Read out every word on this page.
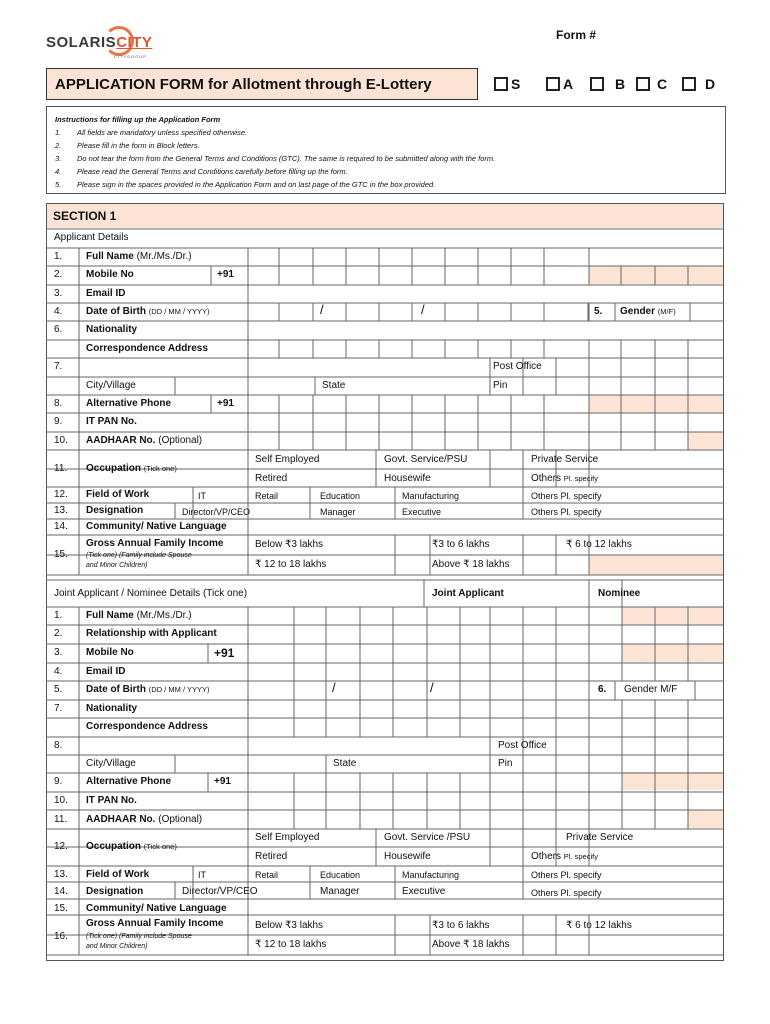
SOLARISCITY
CITYGROUP
Form #
APPLICATION FORM for Allotment through E-Lottery	S	A	B C	D
Instructions for filling up the Application Form
1.	All fields are mandatory unless specified otherwise.
2.	Please fill in the form in Block letters.
3.	Do not tear the form from the General Terms and Conditions (GTC). The same is required to be submitted along with the form.
4.	Please read the General Terms and Conditions carefully before filling up the form.
5.	Please sign in the spaces provided in the Application Form and on last page of the GTC in the box provided.
SECTION 1
Applicant Details
1. Full Name (Mr./Ms./Dr.)
2. Mobile No	+91
3. Email ID
4. Date of Birth (DD / MM / YYYY)	/	/	5. Gender (M/F)
6. Nationality
Correspondence Address
7.	Post Office
City/Village	State	Pin
8. Alternative Phone	+91
9. IT PAN No.
10. AADHAAR No. (Optional)
11. Occupation (Tick one)
Self Employed	Govt. Service/PSU	Private Service
Retired	Housewife	Others Pl. specify
12. Field of Work	IT	Retail	Education	Manufacturing	Others Pl. specify
13. Designation	Director/VP/CEO	Manager	Executive	Others Pl. specify
14. Community/ Native Language
15.
Gross Annual Family Income
(Tick one) (Family include Spouse
and Minor Children)
Below ₹3 lakhs	₹3 to 6 lakhs	₹ 6 to 12 lakhs
₹ 12 to 18 lakhs	Above ₹ 18 lakhs
Joint Applicant / Nominee Details (Tick one)	Joint Applicant	Nominee
1. Full Name (Mr./Ms./Dr.)
2. Relationship with Applicant
3. Mobile No	+91
4. Email ID
5. Date of Birth (DD / MM / YYYY)	/	/	6. Gender M/F
7. Nationality
Correspondence Address
8.	Post Office
City/Village	State	Pin
9. Alternative Phone	+91
10. IT PAN No.
11. AADHAAR No. (Optional)
12. Occupation (Tick one)
Self Employed	Govt. Service /PSU	Private Service
Retired	Housewife	Others Pl. specify
13. Field of Work	IT	Retail	Education	Manufacturing	Others Pl. specify
14. Designation	Director/VP/CEO	Manager	Executive	Others Pl. specify
15. Community/ Native Language
16.
Gross Annual Family Income
(Tick one) (Family include Spouse
and Minor Children)
Below ₹3 lakhs	₹3 to 6 lakhs	₹ 6 to 12 lakhs
₹ 12 to 18 lakhs	Above ₹ 18 lakhs
